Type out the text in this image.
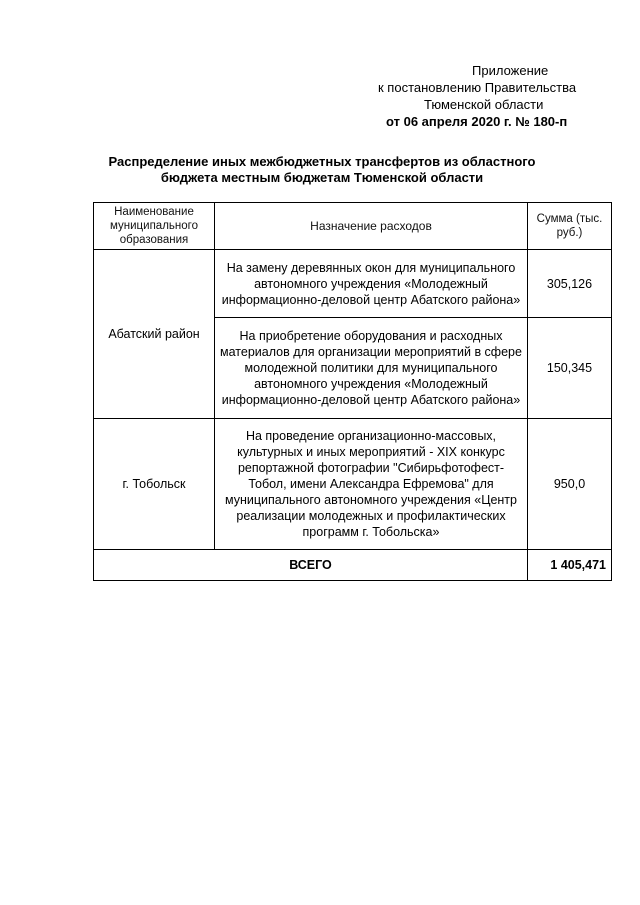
Приложение
к постановлению Правительства
Тюменской области
от 06 апреля 2020 г. № 180-п
Распределение иных межбюджетных трансфертов из областного
бюджета местным бюджетам Тюменской области
Наименование муниципального образования	Назначение расходов	Сумма (тыс. руб.)
Абатский район	На замену деревянных окон для муниципального автономного учреждения «Молодежный информационно-деловой центр Абатского района»	305,126
	На приобретение оборудования и расходных материалов для организации мероприятий в сфере молодежной политики для муниципального автономного учреждения «Молодежный информационно-деловой центр Абатского района»	150,345
г. Тобольск	На проведение организационно-массовых, культурных и иных мероприятий - XIX конкурс репортажной фотографии "Сибирьфотофест-Тобол, имени Александра Ефремова" для муниципального автономного учреждения «Центр реализации молодежных и профилактических программ г. Тобольска»	950,0
ВСЕГО		1 405,471
